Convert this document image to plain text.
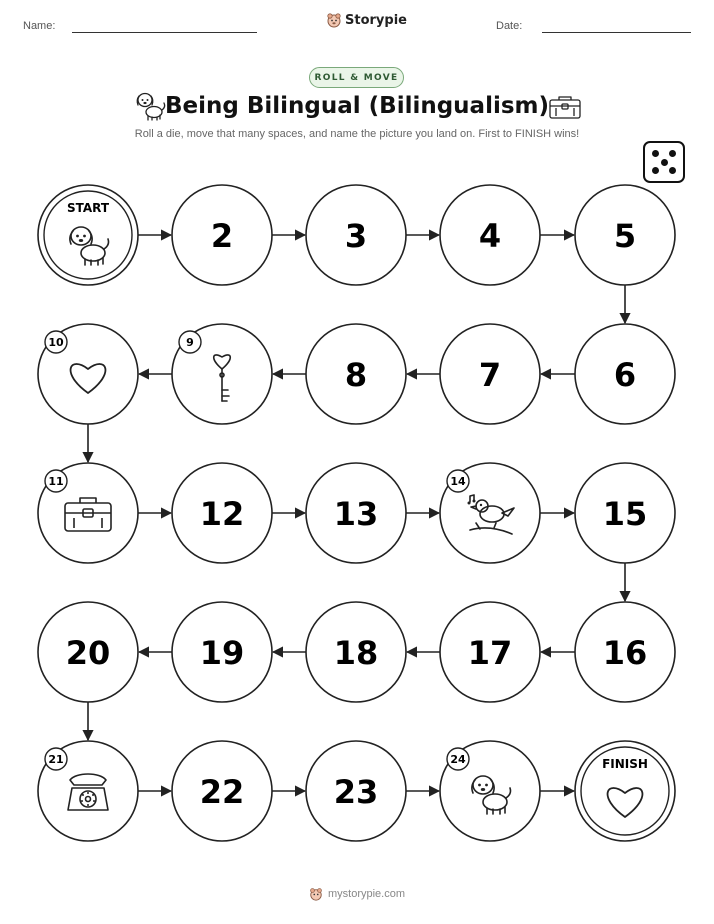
Name:	Storypie	Date:
ROLL & MOVE
Being Bilingual (Bilingualism)
Roll a die, move that many spaces, and name the picture you land on. First to FINISH wins!
START
2	3	4	5
6
7
8
9
10
11
12	13
14
15
16
17
18
19
20
21
22	23
24	FINISH
mystorypie.com
